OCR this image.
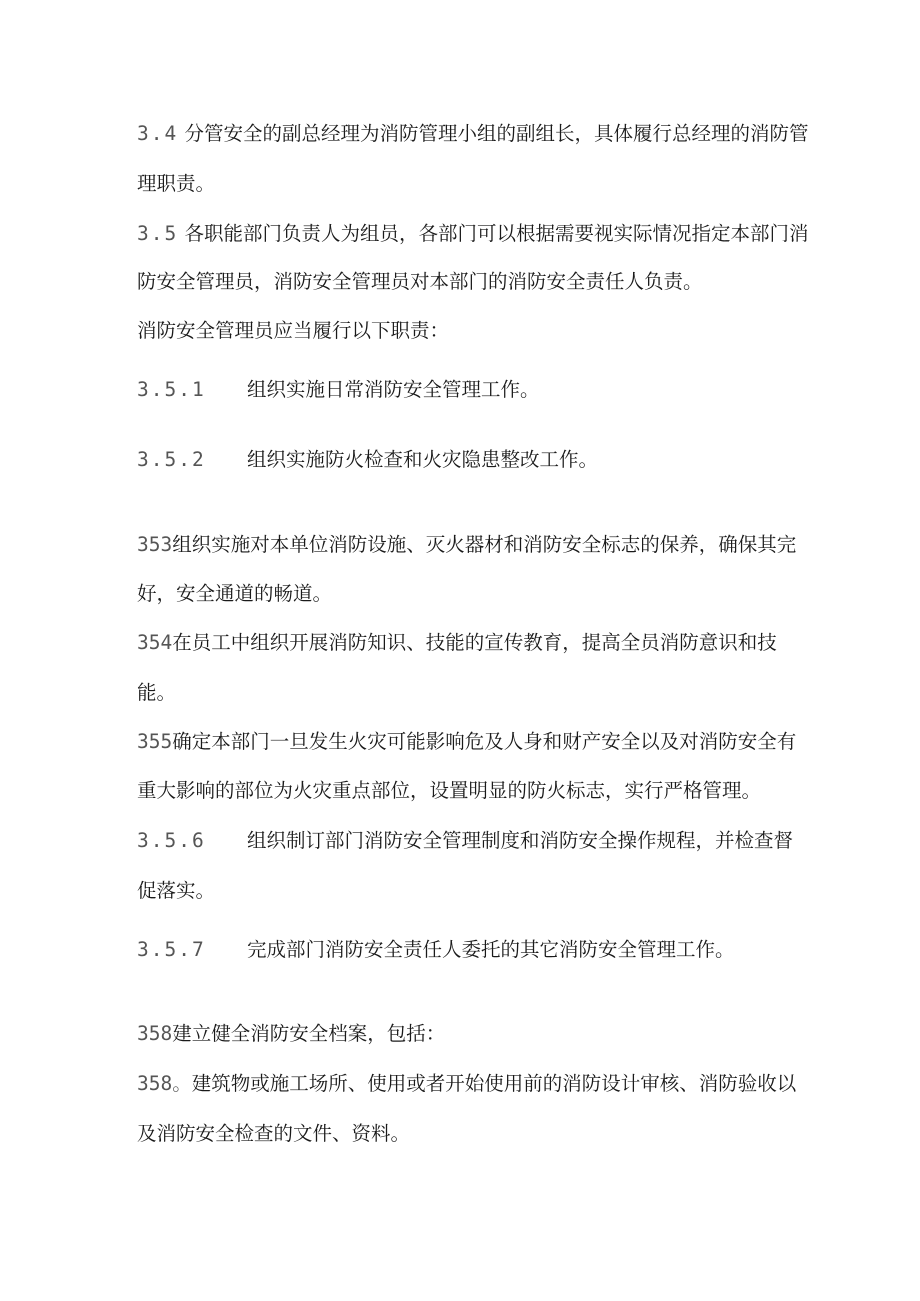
3.4 分管安全的副总经理为消防管理小组的副组长，具体履行总经理的消防管
理职责。
3.5 各职能部门负责人为组员，各部门可以根据需要视实际情况指定本部门消
防安全管理员，消防安全管理员对本部门的消防安全责任人负责。
消防安全管理员应当履行以下职责：
3.5.1 组织实施日常消防安全管理工作。
3.5.2 组织实施防火检查和火灾隐患整改工作。
353组织实施对本单位消防设施、灭火器材和消防安全标志的保养，确保其完
好，安全通道的畅道。
354在员工中组织开展消防知识、技能的宣传教育，提高全员消防意识和技
能。
355确定本部门一旦发生火灾可能影响危及人身和财产安全以及对消防安全有
重大影响的部位为火灾重点部位，设置明显的防火标志，实行严格管理。
3.5.6 组织制订部门消防安全管理制度和消防安全操作规程，并检查督
促落实。
3.5.7 完成部门消防安全责任人委托的其它消防安全管理工作。
358建立健全消防安全档案，包括：
358。建筑物或施工场所、使用或者开始使用前的消防设计审核、消防验收以
及消防安全检查的文件、资料。
